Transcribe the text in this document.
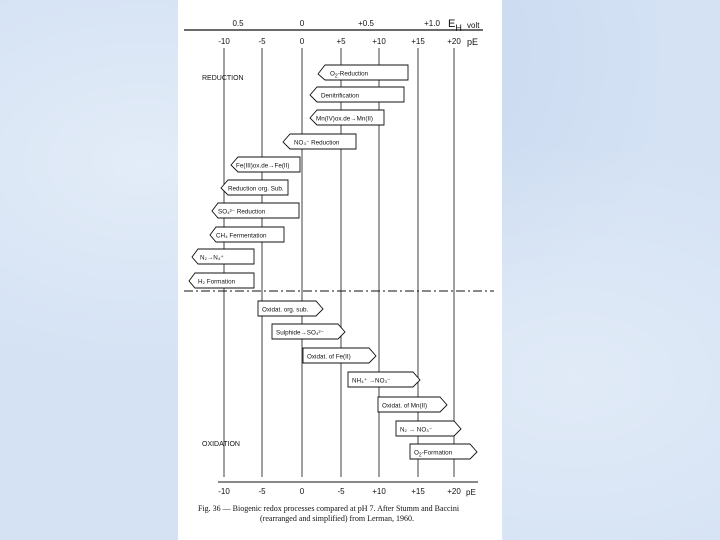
0.5	0	+0.5	+1.0 $E_H$ volt
-10	-5	0	+5	+10	+15	+20 pE
REDUCTION
OXIDATION
$O_2$-Reduction
Denitrification
Mn(IV)ox.de→Mn(II)
NO₃⁻ Reduction
Fe(III)ox.de→Fe(II)
Reduction org. Sub.
SO₄²⁻ Reduction
CH₄ Fermentation
N₂→N₄⁺
H₂ Formation
Oxidat. org. sub.
Sulphide→SO₄²⁻
Oxidat. of Fe(II)
NH₄⁺ →NO₃⁻
Oxidat. of Mn(II)
N₂ → NO₃⁻
$O_2$-Formation
-10	-5	0	-5	+10	+15	+20 pE
Fig. 36 — Biogenic redox processes compared at pH 7. After Stumm and Baccini
(rearranged and simplified) from Lerman, 1960.
